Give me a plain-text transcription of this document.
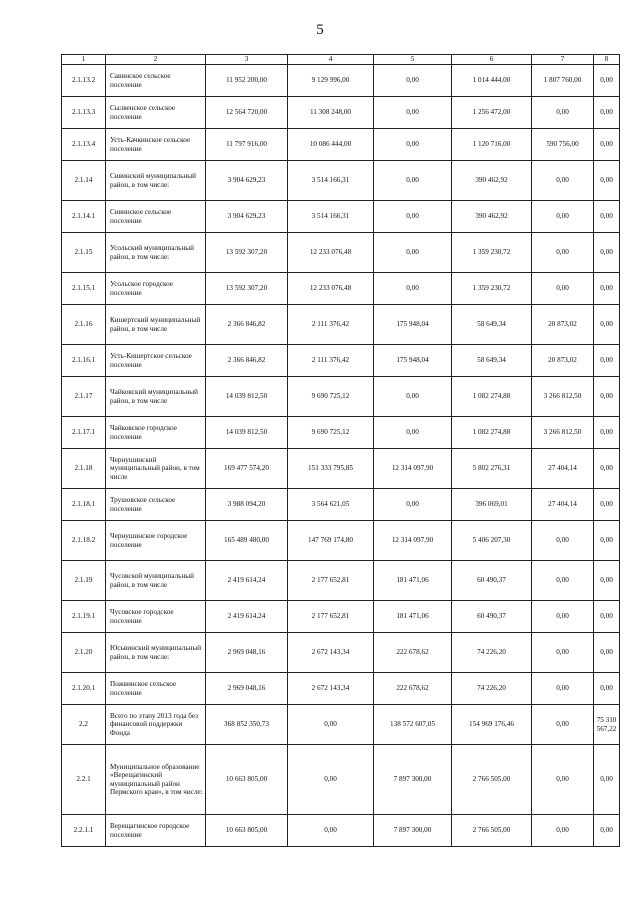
5
1	2	3	4	5	6	7	8
2.1.13.2	Савинское сельское поселение	11 952 200,00	9 129 996,00	0,00	1 014 444,00	1 807 760,00	0,00
2.1.13.3	Сылвенское сельское поселение	12 564 720,00	11 308 248,00	0,00	1 256 472,00	0,00	0,00
2.1.13.4	Усть-Качкинское сельское поселение	11 797 916,00	10 086 444,00	0,00	1 120 716,00	590 756,00	0,00
2.1.14	Сивинский муниципальный район, в том числе:	3 904 629,23	3 514 166,31	0,00	390 462,92	0,00	0,00
2.1.14.1	Сивинское сельское поселение	3 904 629,23	3 514 166,31	0,00	390 462,92	0,00	0,00
2.1.15	Усольский муниципальный район, в том числе:	13 592 307,20	12 233 076,48	0,00	1 359 230,72	0,00	0,00
2.1.15.1	Усольское городское поселение	13 592 307,20	12 233 076,48	0,00	1 359 230,72	0,00	0,00
2.1.16	Кишертский муниципальный район, в том числе	2 366 846,82	2 111 376,42	175 948,04	58 649,34	20 873,02	0,00
2.1.16.1	Усть-Кишертское сельское поселение	2 366 846,82	2 111 376,42	175 948,04	58 649,34	20 873,02	0,00
2.1.17	Чайковский муниципальный район, в том числе	14 039 812,50	9 690 725,12	0,00	1 082 274,88	3 266 812,50	0,00
2.1.17.1	Чайковское городское поселение	14 039 812,50	9 690 725,12	0,00	1 082 274,88	3 266 812,50	0,00
2.1.18	Чернушинский муниципальный район, в том числе	169 477 574,20	151 333 795,85	12 314 097,90	5 802 276,31	27 404,14	0,00
2.1.18.1	Трушовское сельское поселение	3 988 094,20	3 564 621,05	0,00	396 069,01	27 404,14	0,00
2.1.18.2	Чернушинское городское поселение	165 489 480,00	147 769 174,80	12 314 097,90	5 406 207,30	0,00	0,00
2.1.19	Чусовской муниципальный район, в том числе	2 419 614,24	2 177 652,81	181 471,06	60 490,37	0,00	0,00
2.1.19.1	Чусовское городское поселение	2 419 614,24	2 177 652,81	181 471,06	60 490,37	0,00	0,00
2.1.20	Юсьвинский муниципальный район, в том числе:	2 969 048,16	2 672 143,34	222 678,62	74 226,20	0,00	0,00
2.1.20.1	Пожвинское сельское поселение	2 969 048,16	2 672 143,34	222 678,62	74 226,20	0,00	0,00
2.2	Всего по этапу 2013 года без финансовой поддержки Фонда	368 852 350,73	0,00	138 572 607,05	154 969 176,46	0,00	75 310 567,22
2.2.1	Муниципальное образование «Верещагинский муниципальный район Пермского края», в том числе:	10 663 805,00	0,00	7 897 300,00	2 766 505,00	0,00	0,00
2.2.1.1	Верещагинское городское поселение	10 663 805,00	0,00	7 897 300,00	2 766 505,00	0,00	0,00
